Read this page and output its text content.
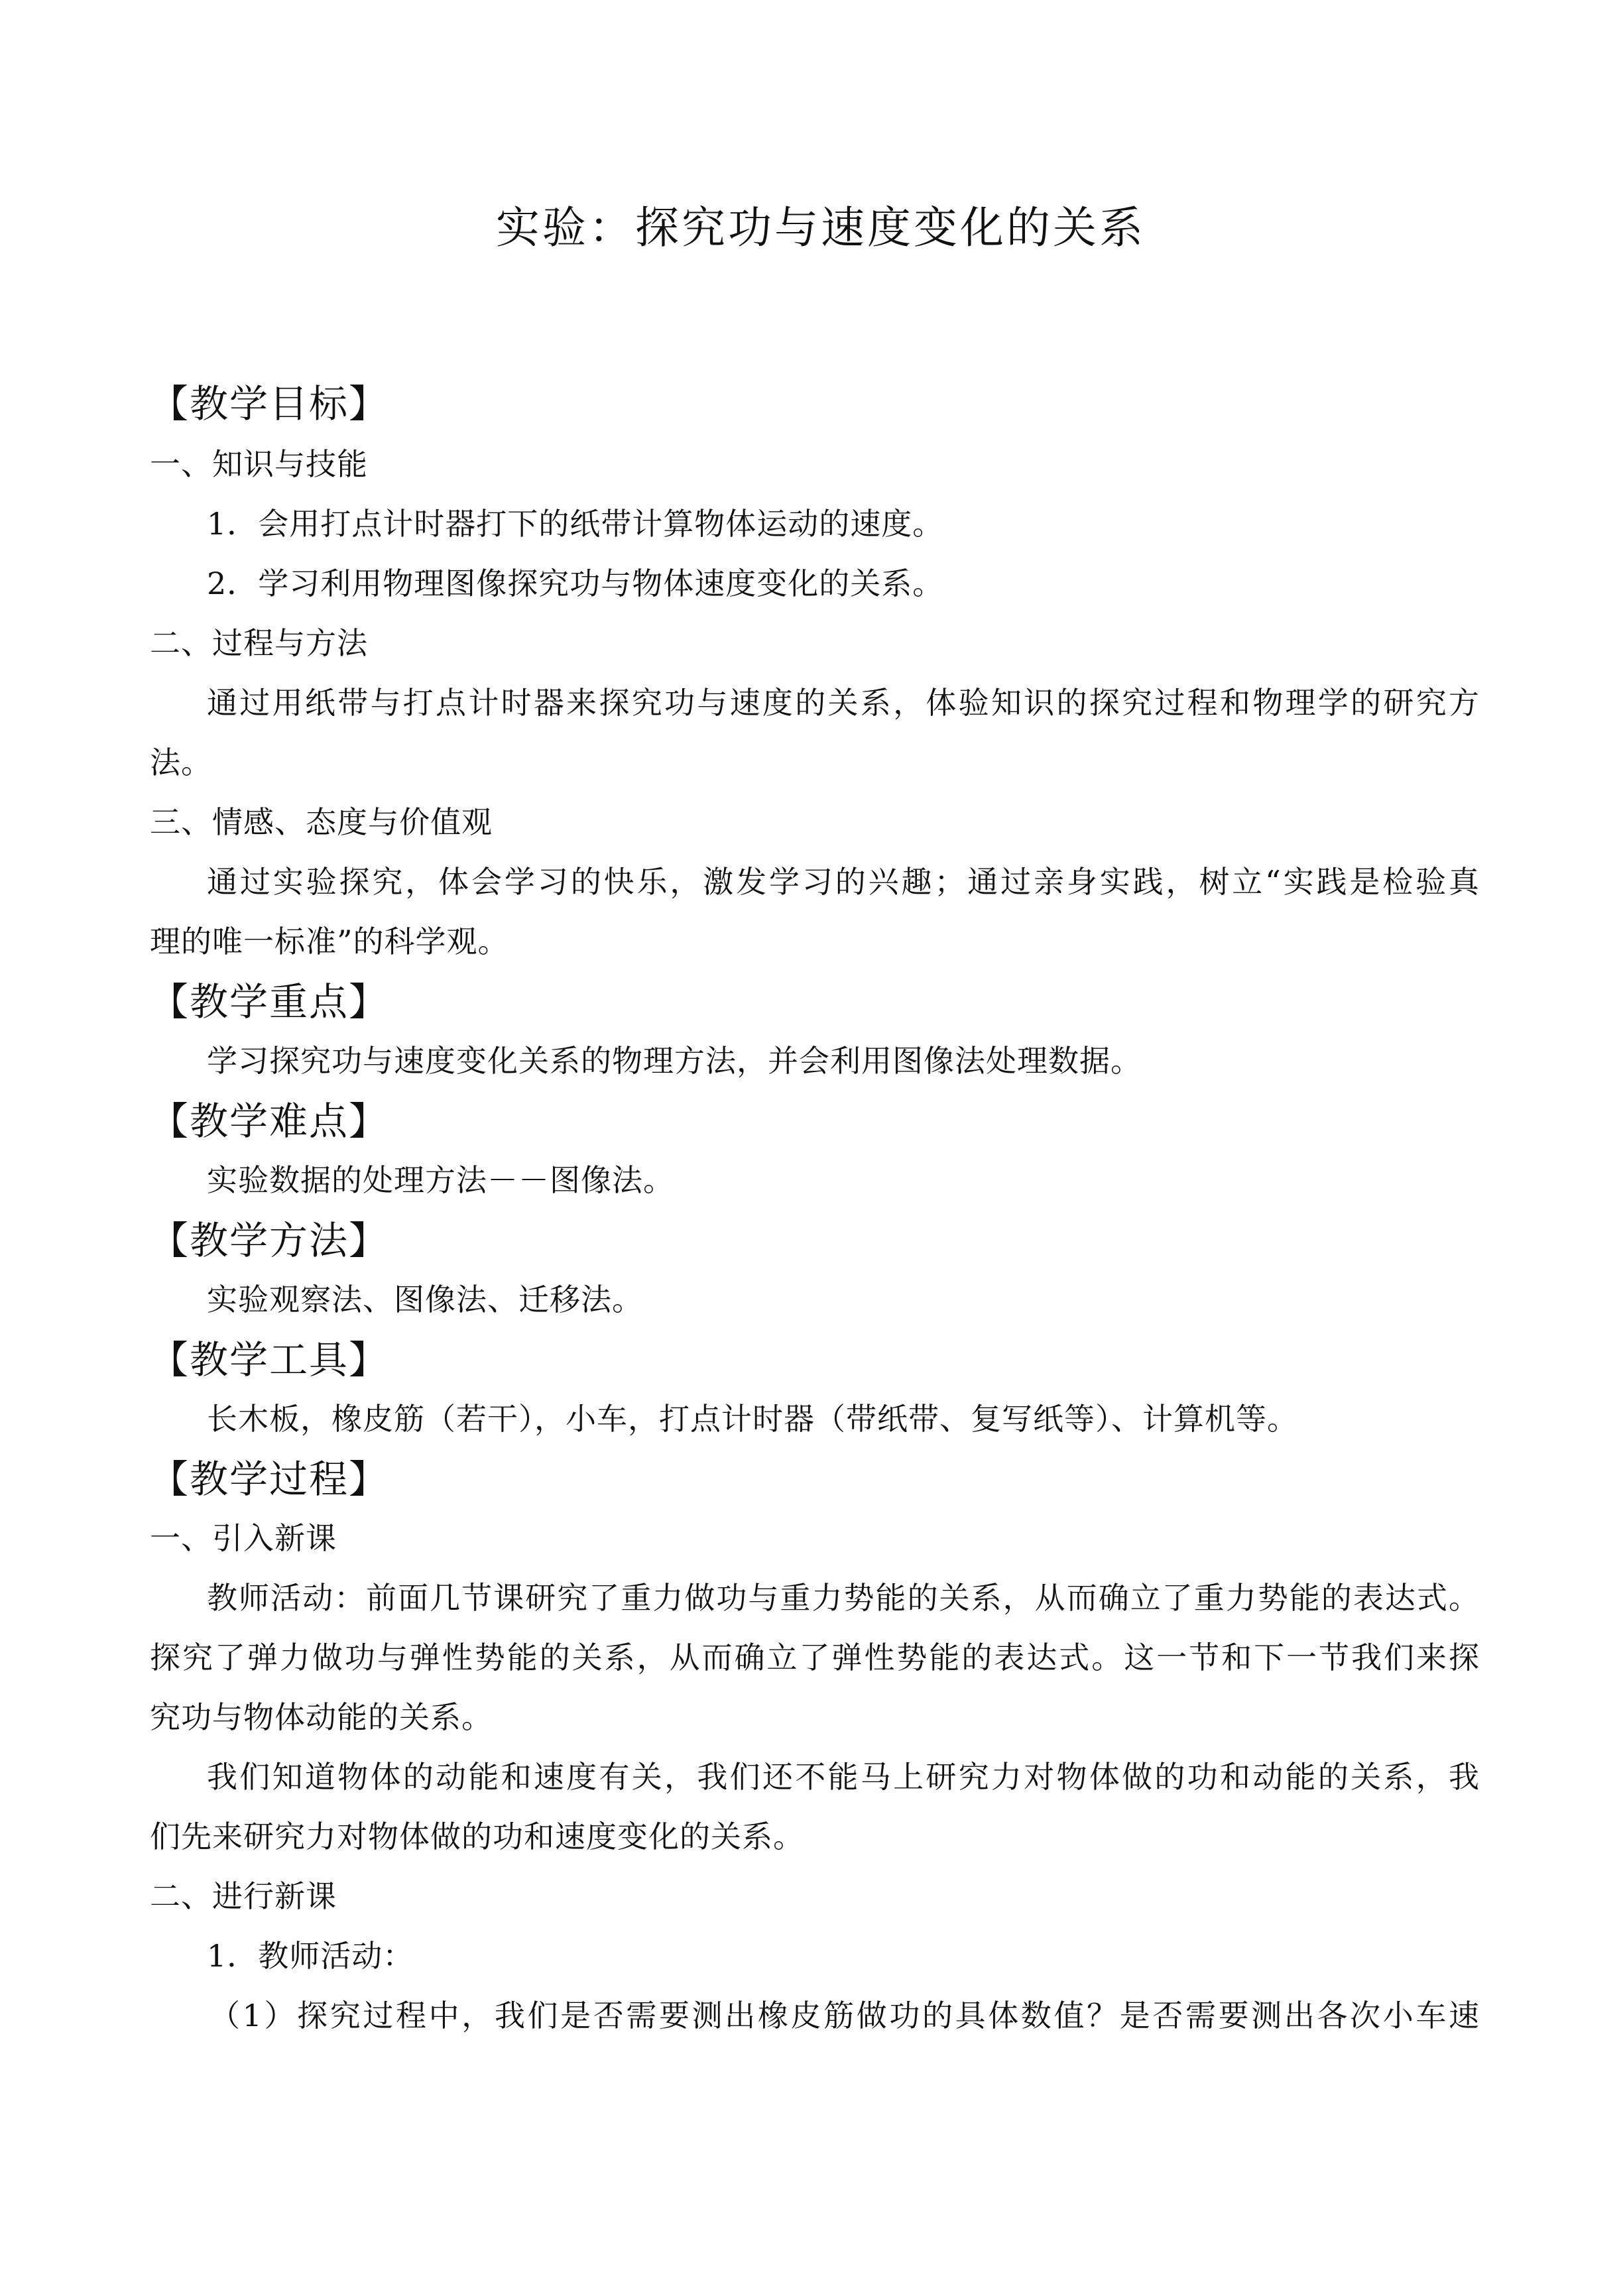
实验：探究功与速度变化的关系
【教学目标】
一、知识与技能
1．会用打点计时器打下的纸带计算物体运动的速度。
2．学习利用物理图像探究功与物体速度变化的关系。
二、过程与方法
通过用纸带与打点计时器来探究功与速度的关系，体验知识的探究过程和物理学的研究方
法。
三、情感、态度与价值观
通过实验探究，体会学习的快乐，激发学习的兴趣；通过亲身实践，树立“实践是检验真
理的唯一标准”的科学观。
【教学重点】
学习探究功与速度变化关系的物理方法，并会利用图像法处理数据。
【教学难点】
实验数据的处理方法－－图像法。
【教学方法】
实验观察法、图像法、迁移法。
【教学工具】
长木板，橡皮筋（若干），小车，打点计时器（带纸带、复写纸等）、计算机等。
【教学过程】
一、引入新课
教师活动：前面几节课研究了重力做功与重力势能的关系，从而确立了重力势能的表达式。
探究了弹力做功与弹性势能的关系，从而确立了弹性势能的表达式。这一节和下一节我们来探
究功与物体动能的关系。
我们知道物体的动能和速度有关，我们还不能马上研究力对物体做的功和动能的关系，我
们先来研究力对物体做的功和速度变化的关系。
二、进行新课
1．教师活动：
（1）探究过程中，我们是否需要测出橡皮筋做功的具体数值？是否需要测出各次小车速
